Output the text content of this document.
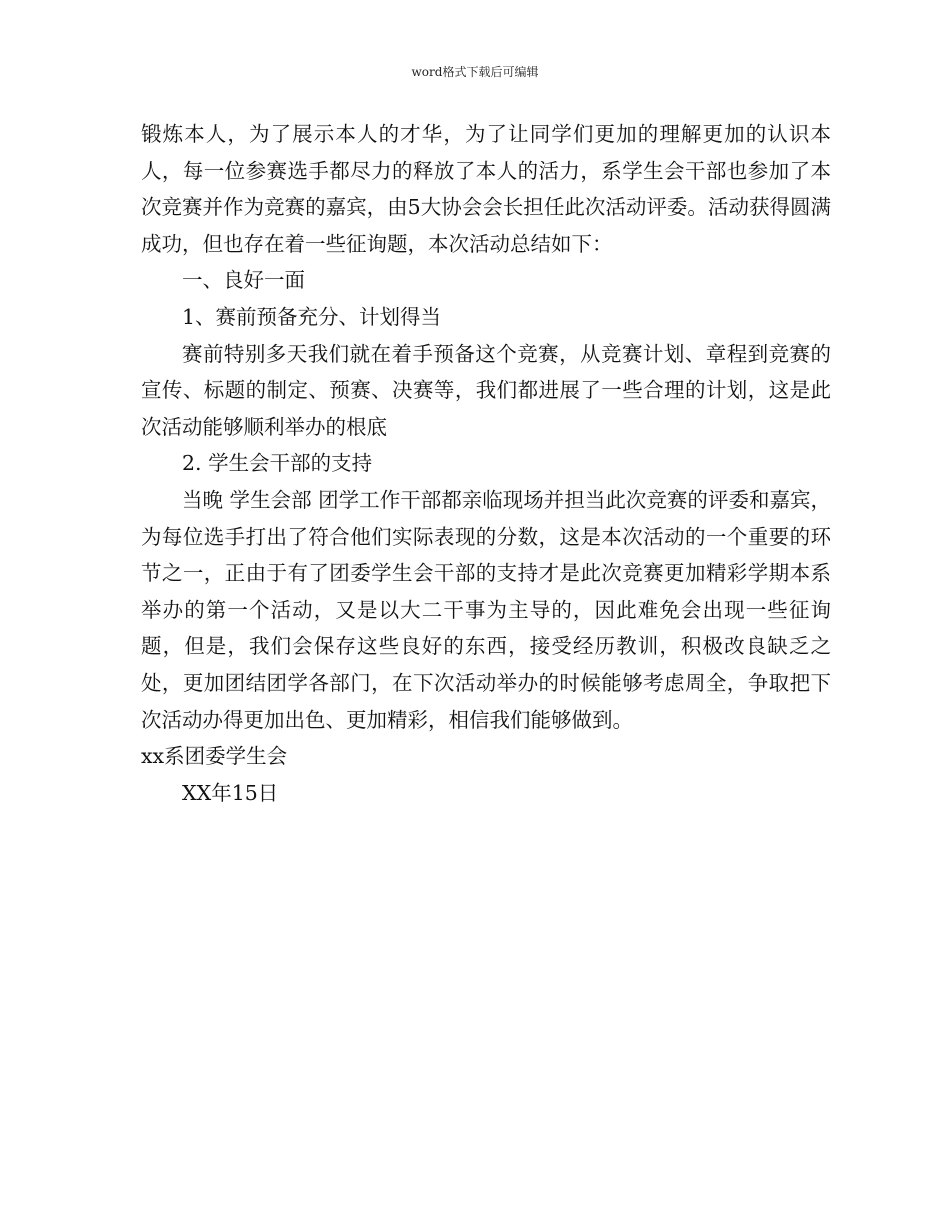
word格式下载后可编辑

锻炼本人，为了展示本人的才华，为了让同学们更加的理解更加的认识本人，每一位参赛选手都尽力的释放了本人的活力，系学生会干部也参加了本次竞赛并作为竞赛的嘉宾，由5大协会会长担任此次活动评委。活动获得圆满成功，但也存在着一些征询题，本次活动总结如下：

一、良好一面

1、赛前预备充分、计划得当

赛前特别多天我们就在着手预备这个竞赛，从竞赛计划、章程到竞赛的宣传、标题的制定、预赛、决赛等，我们都进展了一些合理的计划，这是此次活动能够顺利举办的根底

2. 学生会干部的支持

当晚 学生会部 团学工作干部都亲临现场并担当此次竞赛的评委和嘉宾，为每位选手打出了符合他们实际表现的分数，这是本次活动的一个重要的环节之一，正由于有了团委学生会干部的支持才是此次竞赛更加精彩学期本系举办的第一个活动，又是以大二干事为主导的，因此难免会出现一些征询题，但是，我们会保存这些良好的东西，接受经历教训，积极改良缺乏之处，更加团结团学各部门，在下次活动举办的时候能够考虑周全，争取把下次活动办得更加出色、更加精彩，相信我们能够做到。

xx系团委学生会

XX年15日
